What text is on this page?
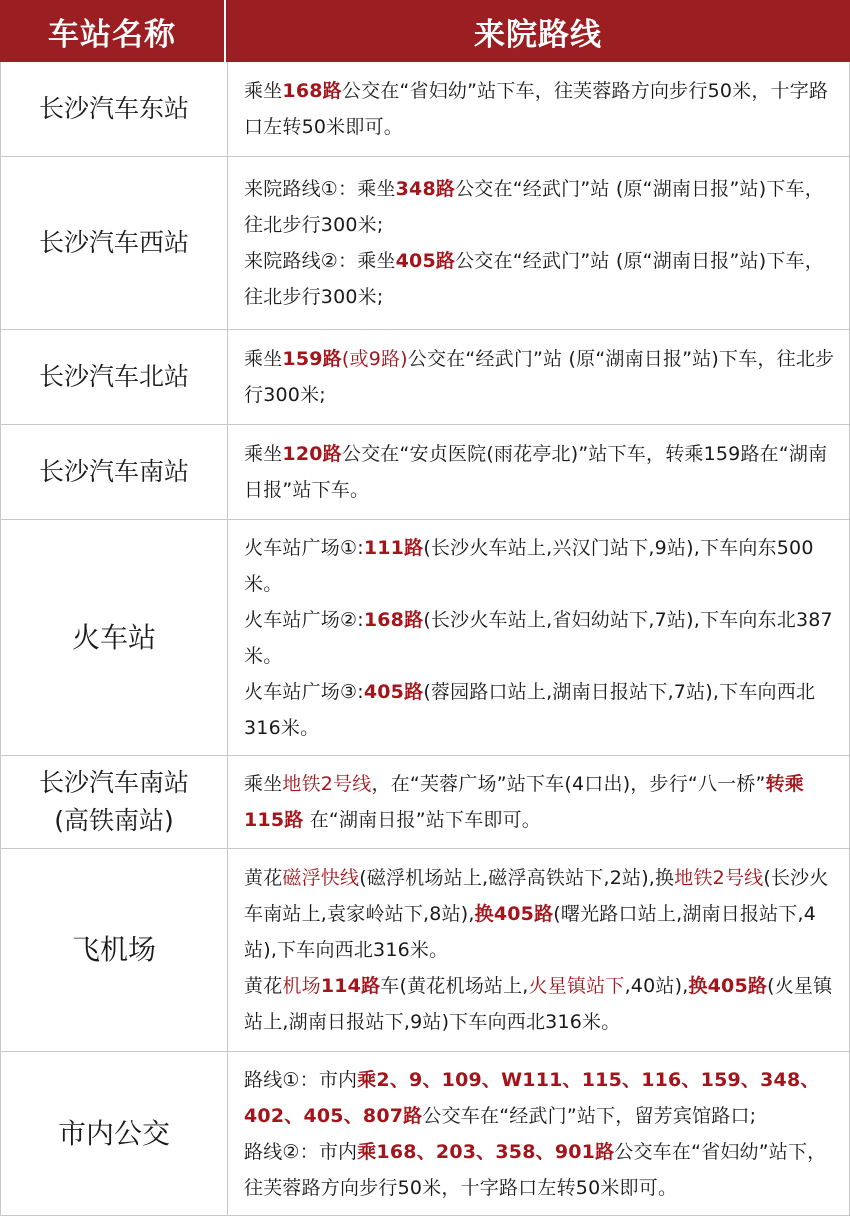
车站名称	来院路线
长沙汽车东站

乘坐168路公交在“省妇幼”站下车，往芙蓉路方向步行50米，十字路口左转50米即可。

长沙汽车西站

来院路线①：乘坐348路公交在“经武门”站 (原“湖南日报”站)下车，往北步行300米;

来院路线②：乘坐405路公交在“经武门”站 (原“湖南日报”站)下车，往北步行300米;

长沙汽车北站

乘坐159路(或9路)公交在“经武门”站 (原“湖南日报”站)下车，往北步行300米;

长沙汽车南站

乘坐120路公交在“安贞医院(雨花亭北)”站下车，转乘159路在“湖南日报”站下车。

火车站

火车站广场①:111路(长沙火车站上,兴汉门站下,9站),下车向东500米。

火车站广场②:168路(长沙火车站上,省妇幼站下,7站),下车向东北387米。

火车站广场③:405路(蓉园路口站上,湖南日报站下,7站),下车向西北316米。

长沙汽车南站
(高铁南站)

乘坐地铁2号线，在“芙蓉广场”站下车(4口出)，步行“八一桥”转乘115路 在“湖南日报”站下车即可。

飞机场

黄花磁浮快线(磁浮机场站上,磁浮高铁站下,2站),换地铁2号线(长沙火车南站上,袁家岭站下,8站),换405路(曙光路口站上,湖南日报站下,4站),下车向西北316米。

黄花机场114路车(黄花机场站上,火星镇站下,40站),换405路(火星镇站上,湖南日报站下,9站)下车向西北316米。

市内公交

路线①：市内乘2、9、109、W111、115、116、159、348、402、405、807路公交车在“经武门”站下，留芳宾馆路口;

路线②：市内乘168、203、358、901路公交车在“省妇幼”站下，往芙蓉路方向步行50米，十字路口左转50米即可。
